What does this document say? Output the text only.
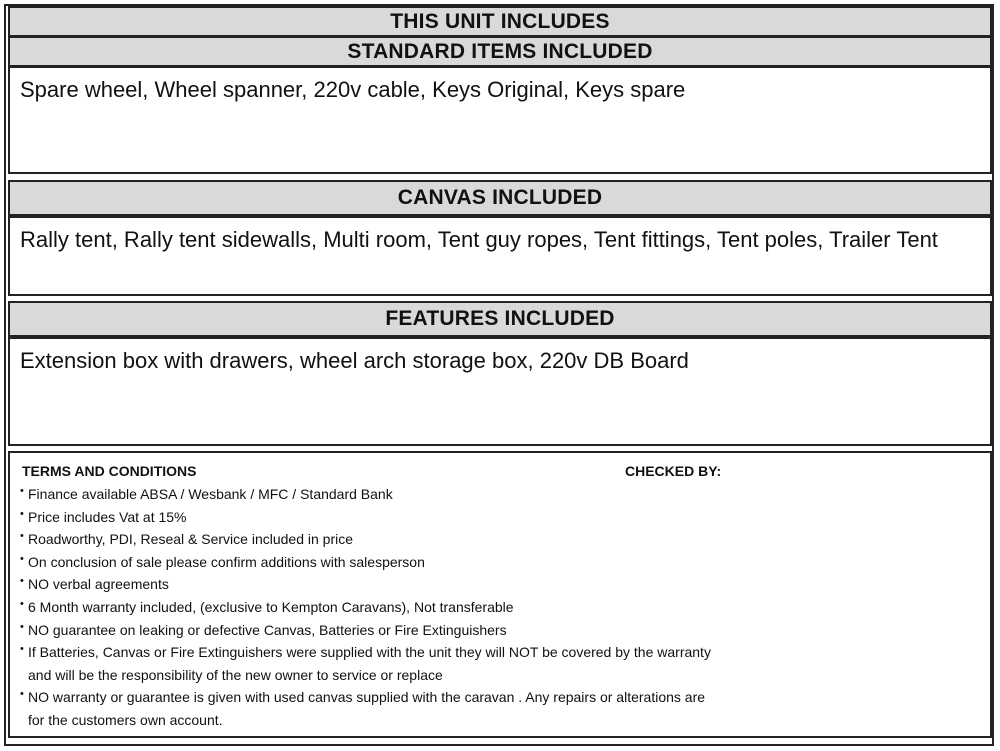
THIS UNIT INCLUDES
STANDARD ITEMS INCLUDED
Spare wheel, Wheel spanner, 220v cable, Keys Original, Keys spare
CANVAS INCLUDED
Rally tent, Rally tent sidewalls, Multi room, Tent guy ropes, Tent fittings, Tent poles, Trailer Tent
FEATURES INCLUDED
Extension box with drawers, wheel arch storage box, 220v DB Board
TERMS AND CONDITIONS	CHECKED BY:
• Finance available ABSA / Wesbank / MFC / Standard Bank
• Price includes Vat at 15%
• Roadworthy, PDI, Reseal & Service included in price
• On conclusion of sale please confirm additions with salesperson
• NO verbal agreements
• 6 Month warranty included, (exclusive to Kempton Caravans), Not transferable
• NO guarantee on leaking or defective Canvas, Batteries or Fire Extinguishers
• If Batteries, Canvas or Fire Extinguishers were supplied with the unit they will NOT be covered by the warranty and will be the responsibility of the new owner to service or replace
• NO warranty or guarantee is given with used canvas supplied with the caravan . Any repairs or alterations are for the customers own account.
